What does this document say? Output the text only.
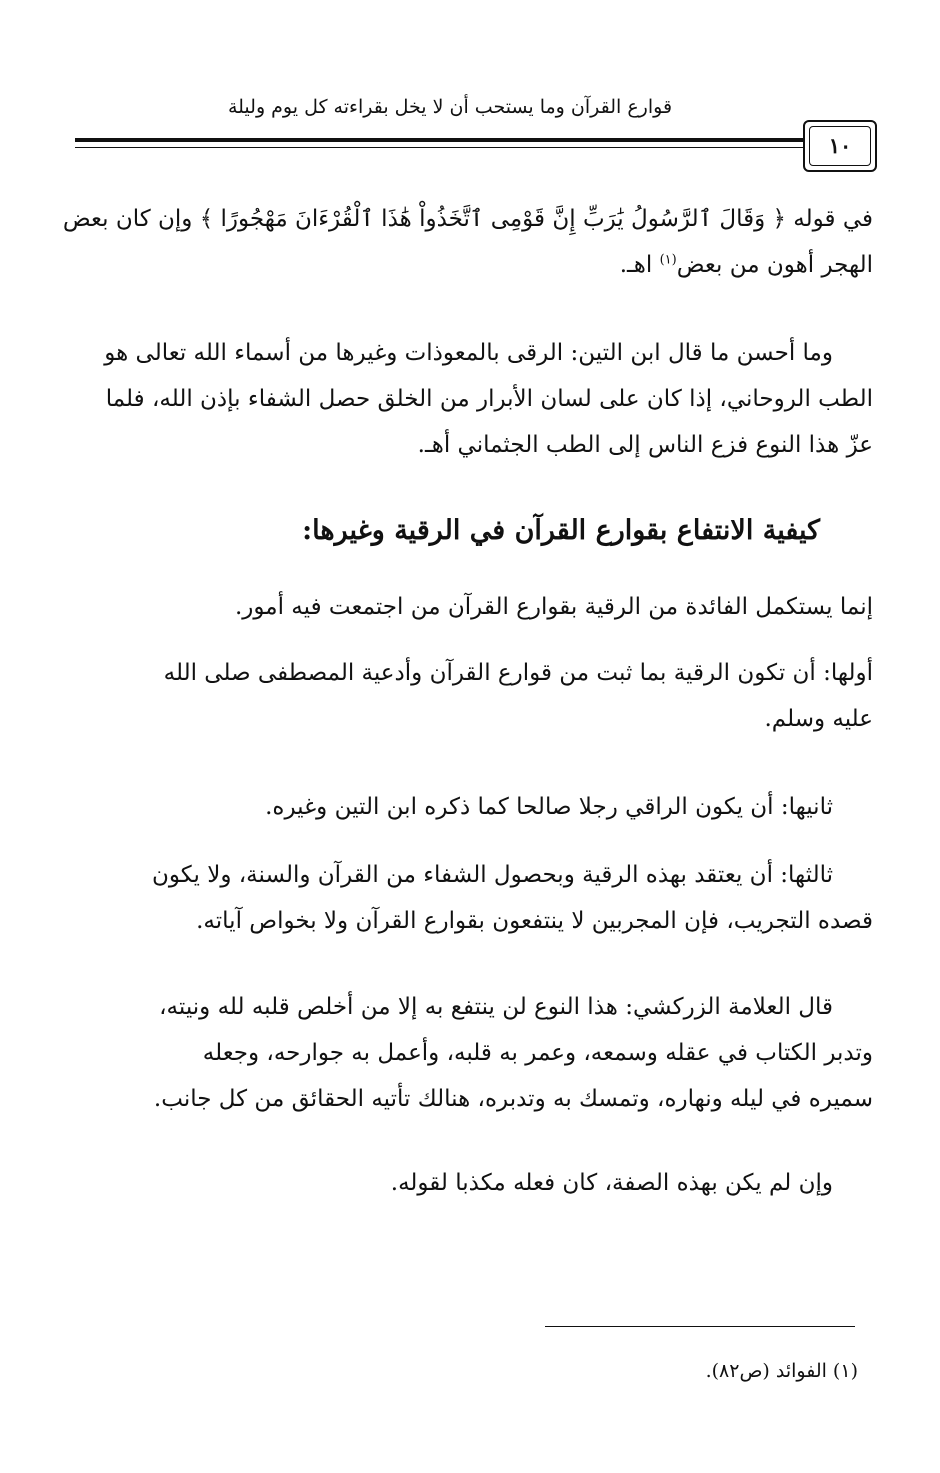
قوارع القرآن وما يستحب أن لا يخل بقراءته كل يوم وليلة
١٠
في قوله ﴿ وَقَالَ ٱلرَّسُولُ يَٰرَبِّ إِنَّ قَوْمِى ٱتَّخَذُواْ هَٰذَا ٱلْقُرْءَانَ مَهْجُورًا ﴾ وإن كان بعض
الهجر أهون من بعض$^{(١)}$ اهـ.
وما أحسن ما قال ابن التين: الرقى بالمعوذات وغيرها من أسماء الله تعالى هو
الطب الروحاني، إذا كان على لسان الأبرار من الخلق حصل الشفاء بإذن الله، فلما
عزّ هذا النوع فزع الناس إلى الطب الجثماني أهـ.
كيفية الانتفاع بقوارع القرآن في الرقية وغيرها:
إنما يستكمل الفائدة من الرقية بقوارع القرآن من اجتمعت فيه أمور.
أولها: أن تكون الرقية بما ثبت من قوارع القرآن وأدعية المصطفى صلى الله
عليه وسلم.
ثانيها: أن يكون الراقي رجلا صالحا كما ذكره ابن التين وغيره.
ثالثها: أن يعتقد بهذه الرقية وبحصول الشفاء من القرآن والسنة، ولا يكون
قصده التجريب، فإن المجربين لا ينتفعون بقوارع القرآن ولا بخواص آياته.
قال العلامة الزركشي: هذا النوع لن ينتفع به إلا من أخلص قلبه لله ونيته،
وتدبر الكتاب في عقله وسمعه، وعمر به قلبه، وأعمل به جوارحه، وجعله
سميره في ليله ونهاره، وتمسك به وتدبره، هنالك تأتيه الحقائق من كل جانب.
وإن لم يكن بهذه الصفة، كان فعله مكذبا لقوله.
(١) الفوائد (ص٨٢).
